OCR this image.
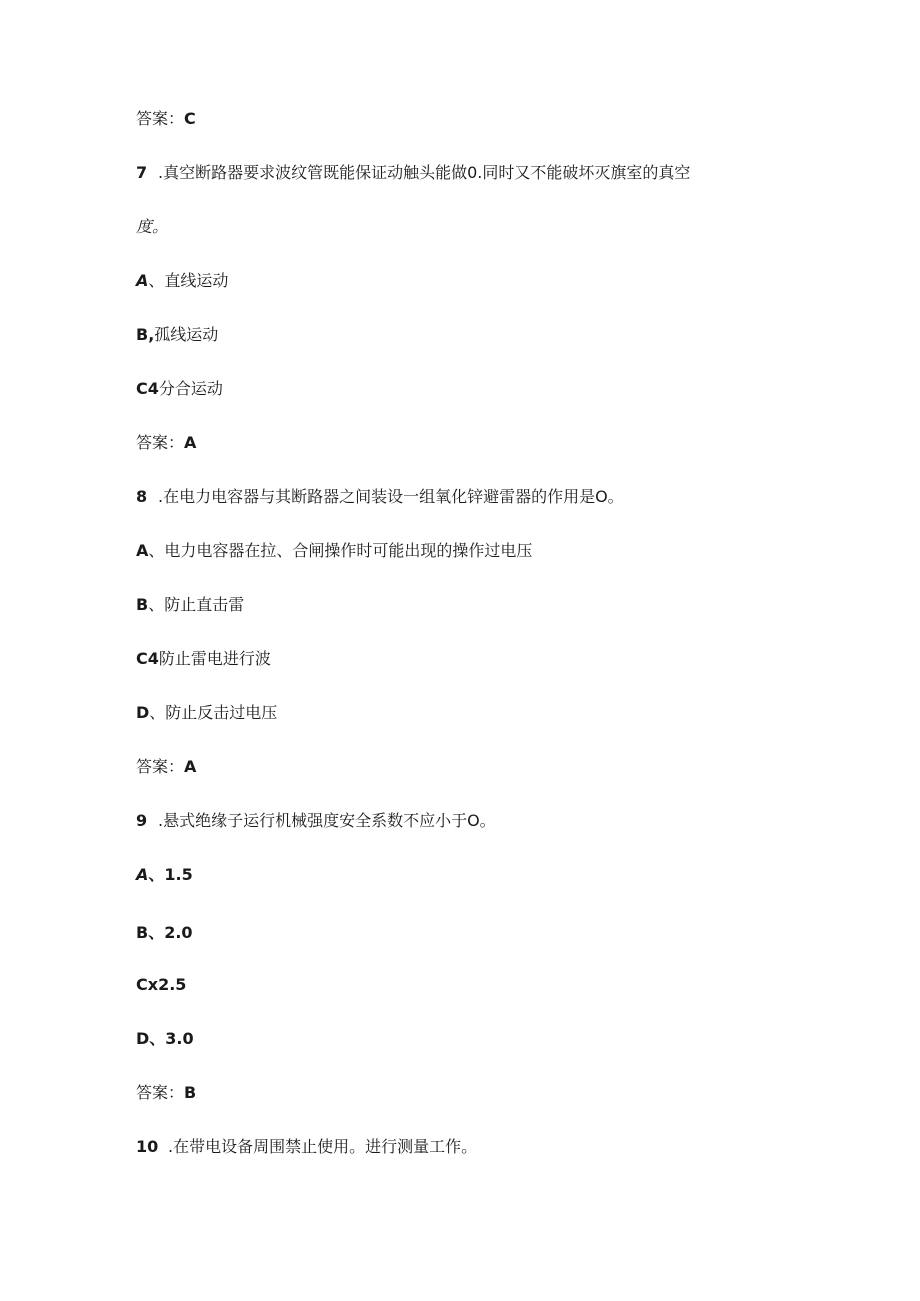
答案：C

7 .真空断路器要求波纹管既能保证动触头能做0.同时又不能破坏灭旗室的真空

度。

A、直线运动

B,孤线运动

C4分合运动

答案：A

8 .在电力电容器与其断路器之间装设一组氧化锌避雷器的作用是O。

A、电力电容器在拉、合闸操作时可能出现的操作过电压

B、防止直击雷

C4防止雷电进行波

D、防止反击过电压

答案：A

9 .悬式绝缘子运行机械强度安全系数不应小于O。

A、1.5

B、2.0

Cx2.5

D、3.0

答案：B

10 .在带电设备周围禁止使用。进行测量工作。
